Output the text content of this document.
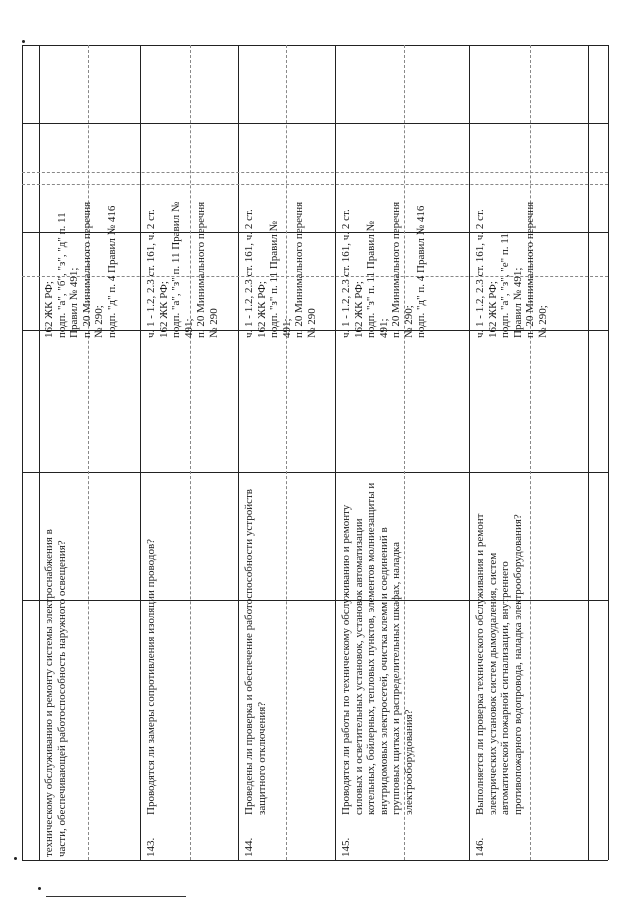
техническому обслуживанию и ремонту системы электроснабжения в части, обеспечивающей работоспособность наружного освещения?
162 ЖК РФ; подп. "а", "б", "з", "д" п. 11 Правил № 491; п. 20 Минимального перечня № 290; подп. "д" п. 4 Правил № 416
143.
Проводятся ли замеры сопротивления изоляции проводов?
ч. 1 - 1.2, 2.3 ст. 161, ч. 2 ст. 162 ЖК РФ; подп. "а", "з" п. 11 Правил № 491; п. 20 Минимального перечня № 290
144.
Проведены ли проверка и обеспечение работоспособности устройств защитного отключения?
ч. 1 - 1.2, 2.3 ст. 161, ч. 2 ст. 162 ЖК РФ; подп. "з" п. 11 Правил № 491; п. 20 Минимального перечня № 290
145.
Проводятся ли работы по техническому обслуживанию и ремонту силовых и осветительных установок, установок автоматизации котельных, бойлерных, тепловых пунктов, элементов молниезащиты и внутридомовых электросетей, очистка клемм и соединений в групповых щитках и распределительных шкафах, наладка электрооборудования?
ч. 1 - 1.2, 2.3 ст. 161, ч. 2 ст. 162 ЖК РФ; подп. "з" п. 11 Правил № 491; п. 20 Минимального перечня № 290; подп. "д" п. 4 Правил № 416
146.
Выполняется ли проверка технического обслуживания и ремонт электрических установок систем дымоудаления, систем автоматической пожарной сигнализации, внутреннего противопожарного водопровода, наладка электрооборудования?
ч. 1 - 1.2, 2.3 ст. 161, ч. 2 ст. 162 ЖК РФ; подп. "а", "з", "е" п. 11 Правил № 491; п. 20 Минимального перечня № 290;
